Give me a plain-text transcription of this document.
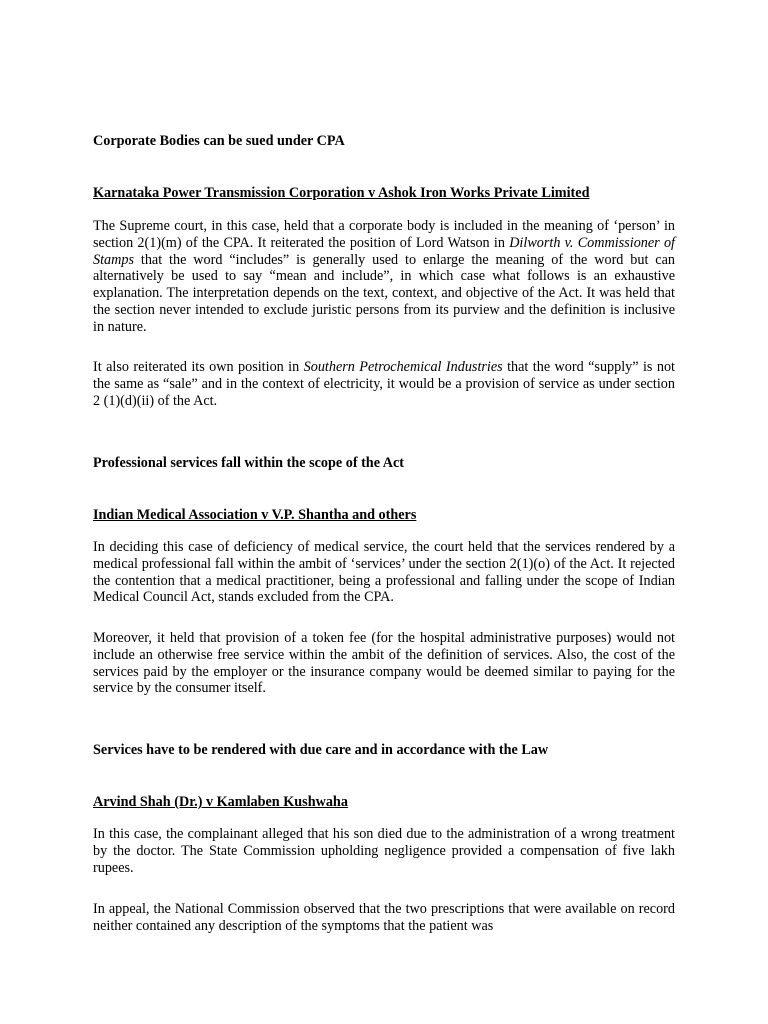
Corporate Bodies can be sued under CPA
Karnataka Power Transmission Corporation v Ashok Iron Works Private Limited

The Supreme court, in this case, held that a corporate body is included in the meaning of ‘person’ in section 2(1)(m) of the CPA. It reiterated the position of Lord Watson in Dilworth v. Commissioner of Stamps that the word “includes” is generally used to enlarge the meaning of the word but can alternatively be used to say “mean and include”, in which case what follows is an exhaustive explanation. The interpretation depends on the text, context, and objective of the Act. It was held that the section never intended to exclude juristic persons from its purview and the definition is inclusive in nature.

It also reiterated its own position in Southern Petrochemical Industries that the word “supply” is not the same as “sale” and in the context of electricity, it would be a provision of service as under section 2 (1)(d)(ii) of the Act.

Professional services fall within the scope of the Act
Indian Medical Association v V.P. Shantha and others

In deciding this case of deficiency of medical service, the court held that the services rendered by a medical professional fall within the ambit of ‘services’ under the section 2(1)(o) of the Act. It rejected the contention that a medical practitioner, being a professional and falling under the scope of Indian Medical Council Act, stands excluded from the CPA.

Moreover, it held that provision of a token fee (for the hospital administrative purposes) would not include an otherwise free service within the ambit of the definition of services. Also, the cost of the services paid by the employer or the insurance company would be deemed similar to paying for the service by the consumer itself.

Services have to be rendered with due care and in accordance with the Law
Arvind Shah (Dr.) v Kamlaben Kushwaha

In this case, the complainant alleged that his son died due to the administration of a wrong treatment by the doctor. The State Commission upholding negligence provided a compensation of five lakh rupees.

In appeal, the National Commission observed that the two prescriptions that were available on record neither contained any description of the symptoms that the patient was
